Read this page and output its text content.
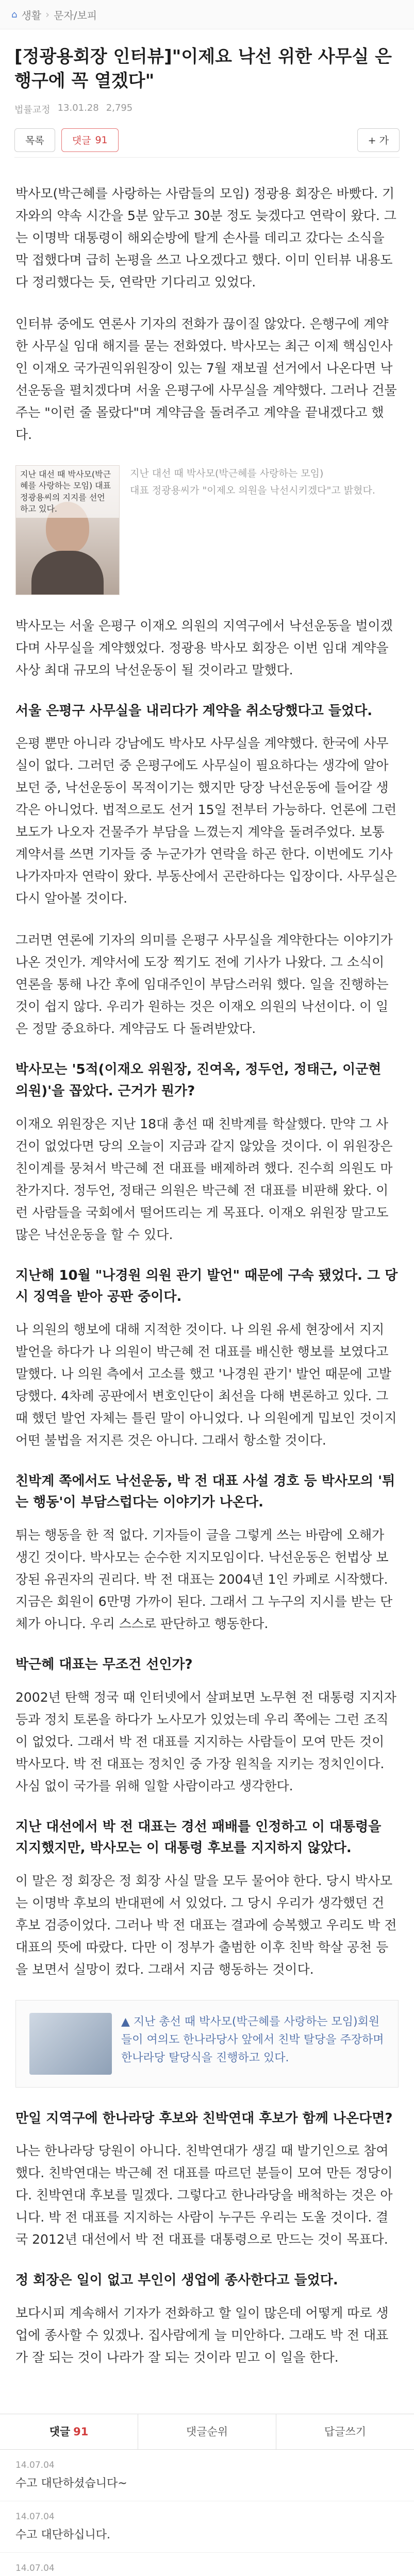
⌂ 생활 › 문자/보피
[정광용회장 인터뷰]"이제요 낙선 위한 사무실 은행구에 꼭 열겠다"
법률교정 13.01.28 2,795
목록	댓글 91	+ 가

박사모(박근혜를 사랑하는 사람들의 모임) 정광용 회장은 바빴다. 기자와의 약속 시간을 5분 앞두고 30분 정도 늦겠다고 연락이 왔다. 그는 이명박 대통령이 해외순방에 탈게 손사를 데리고 갔다는 소식을 막 접했다며 급히 논평을 쓰고 나오겠다고 했다. 이미 인터뷰 내용도 다 정리했다는 듯, 연락만 기다리고 있었다.

인터뷰 중에도 연론사 기자의 전화가 끊이질 않았다. 은행구에 계약한 사무실 임대 해지를 묻는 전화였다. 박사모는 최근 이제 핵심인사인 이재오 국가권익위원장이 있는 7월 재보궐 선거에서 나온다면 낙선운동을 펼치겠다며 서울 은평구에 사무실을 계약했다. 그러나 건물주는 "이런 줄 몰랐다"며 계약금을 돌려주고 계약을 끝내겠다고 했다.

지난 대선 때 박사모(박근혜를 사랑하는 모임) 대표 정광용씨의 지지를 선언 하고 있다.
지난 대선 때 박사모(박근혜를 사랑하는 모임)
대표 정광용씨가 "이제오 의원을 낙선시키겠다"고 밝혔다.

박사모는 서울 은평구 이재오 의원의 지역구에서 낙선운동을 벌이겠다며 사무실을 계약했었다. 정광용 박사모 회장은 이번 임대 계약을 사상 최대 규모의 낙선운동이 될 것이라고 말했다.

서울 은평구 사무실을 내리다가 계약을 취소당했다고 들었다.

은평 뿐만 아니라 강남에도 박사모 사무실을 계약했다. 한국에 사무실이 없다. 그러던 중 은평구에도 사무실이 필요하다는 생각에 알아보던 중, 낙선운동이 목적이기는 했지만 당장 낙선운동에 들어갈 생각은 아니었다. 법적으로도 선거 15일 전부터 가능하다. 언론에 그런 보도가 나오자 건물주가 부담을 느꼈는지 계약을 돌려주었다. 보통 계약서를 쓰면 기자들 중 누군가가 연락을 하곤 한다. 이번에도 기사 나가자마자 연락이 왔다. 부동산에서 곤란하다는 입장이다. 사무실은 다시 알아볼 것이다.

그러면 연론에 기자의 의미를 은평구 사무실을 계약한다는 이야기가 나온 것인가. 계약서에 도장 찍기도 전에 기사가 나왔다. 그 소식이 연론을 통해 나간 후에 임대주인이 부담스러워 했다. 일을 진행하는 것이 쉽지 않다. 우리가 원하는 것은 이재오 의원의 낙선이다. 이 일은 정말 중요하다. 계약금도 다 돌려받았다.

박사모는 '5적(이재오 위원장, 진여옥, 정두언, 정태근, 이군현 의원)'을 꼽았다. 근거가 뭔가?

이재오 위원장은 지난 18대 총선 때 친박계를 학살했다. 만약 그 사건이 없었다면 당의 오늘이 지금과 같지 않았을 것이다. 이 위원장은 친이계를 뭉쳐서 박근혜 전 대표를 배제하려 했다. 진수희 의원도 마찬가지다. 정두언, 정태근 의원은 박근혜 전 대표를 비판해 왔다. 이런 사람들을 국회에서 떨어뜨리는 게 목표다. 이재오 위원장 말고도 많은 낙선운동을 할 수 있다.

지난해 10월 "나경원 의원 관기 발언" 때문에 구속 됐었다. 그 당시 징역을 받아 공판 중이다.

나 의원의 행보에 대해 지적한 것이다. 나 의원 유세 현장에서 지지 발언을 하다가 나 의원이 박근혜 전 대표를 배신한 행보를 보였다고 말했다. 나 의원 측에서 고소를 했고 '나경원 관기' 발언 때문에 고발당했다. 4차례 공판에서 변호인단이 최선을 다해 변론하고 있다. 그때 했던 발언 자체는 틀린 말이 아니었다. 나 의원에게 밉보인 것이지 어떤 불법을 저지른 것은 아니다. 그래서 항소할 것이다.

친박계 쪽에서도 낙선운동, 박 전 대표 사설 경호 등 박사모의 '튀는 행동'이 부담스럽다는 이야기가 나온다.

튀는 행동을 한 적 없다. 기자들이 글을 그렇게 쓰는 바람에 오해가 생긴 것이다. 박사모는 순수한 지지모임이다. 낙선운동은 헌법상 보장된 유권자의 권리다. 박 전 대표는 2004년 1인 카페로 시작했다. 지금은 회원이 6만명 가까이 된다. 그래서 그 누구의 지시를 받는 단체가 아니다. 우리 스스로 판단하고 행동한다.

박근혜 대표는 무조건 선인가?

2002년 탄핵 정국 때 인터넷에서 살펴보면 노무현 전 대통령 지지자 등과 정치 토론을 하다가 노사모가 있었는데 우리 쪽에는 그런 조직이 없었다. 그래서 박 전 대표를 지지하는 사람들이 모여 만든 것이 박사모다. 박 전 대표는 정치인 중 가장 원칙을 지키는 정치인이다. 사심 없이 국가를 위해 일할 사람이라고 생각한다.

지난 대선에서 박 전 대표는 경선 패배를 인정하고 이 대통령을 지지했지만, 박사모는 이 대통령 후보를 지지하지 않았다.

이 말은 정 회장은 정 회장 사실 말을 모두 물어야 한다. 당시 박사모는 이명박 후보의 반대편에 서 있었다. 그 당시 우리가 생각했던 건 후보 검증이었다. 그러나 박 전 대표는 결과에 승복했고 우리도 박 전 대표의 뜻에 따랐다. 다만 이 정부가 출범한 이후 친박 학살 공천 등을 보면서 실망이 컸다. 그래서 지금 행동하는 것이다.

▲ 지난 총선 때 박사모(박근혜를 사랑하는 모임)회원들이 여의도 한나라당사 앞에서 친박 탈당을 주장하며 한나라당 탈당식을 진행하고 있다.
만일 지역구에 한나라당 후보와 친박연대 후보가 함께 나온다면?

나는 한나라당 당원이 아니다. 친박연대가 생길 때 발기인으로 참여했다. 친박연대는 박근혜 전 대표를 따르던 분들이 모여 만든 정당이다. 친박연대 후보를 밀겠다. 그렇다고 한나라당을 배척하는 것은 아니다. 박 전 대표를 지지하는 사람이 누구든 우리는 도울 것이다. 결국 2012년 대선에서 박 전 대표를 대통령으로 만드는 것이 목표다.

정 회장은 일이 없고 부인이 생업에 종사한다고 들었다.

보다시피 계속해서 기자가 전화하고 할 일이 많은데 어떻게 따로 생업에 종사할 수 있겠나. 집사람에게 늘 미안하다. 그래도 박 전 대표가 잘 되는 것이 나라가 잘 되는 것이라 믿고 이 일을 한다.

댓글 91	댓글순위	답글쓰기
14.07.04
수고 대단하셨습니다~
14.07.04
수고 대단하십니다.
14.07.04
